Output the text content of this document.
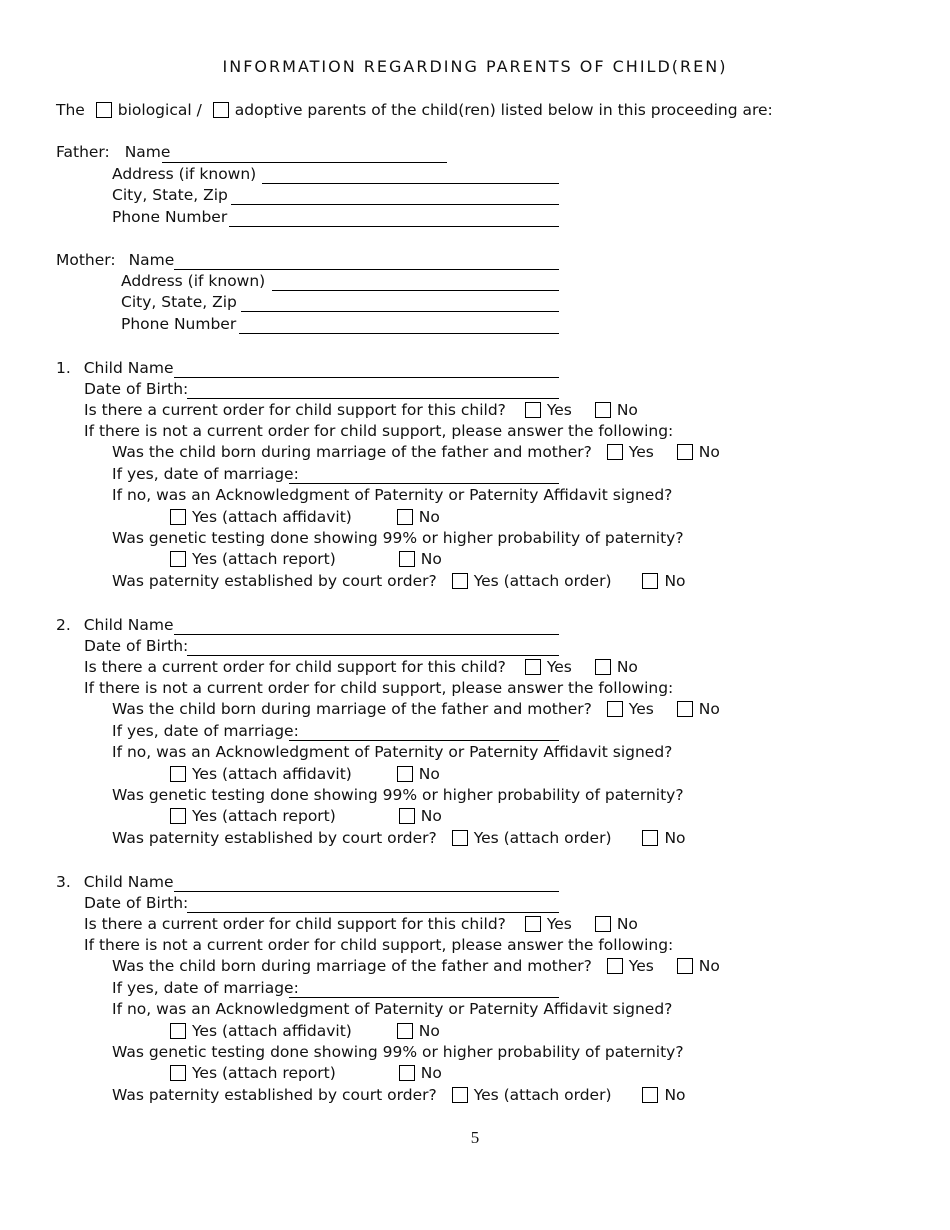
INFORMATION REGARDING PARENTS OF CHILD(REN)
The biological / adoptive parents of the child(ren) listed below in this proceeding are:
Father: Name
Address (if known)
City, State, Zip
Phone Number
Mother: Name
Address (if known)
City, State, Zip
Phone Number
1. Child Name
Date of Birth:
Is there a current order for child support for this child?	Yes	No
If there is not a current order for child support, please answer the following:
Was the child born during marriage of the father and mother? Yes	No
If yes, date of marriage:
If no, was an Acknowledgment of Paternity or Paternity Affidavit signed?
Yes (attach affidavit)	No
Was genetic testing done showing 99% or higher probability of paternity?
Yes (attach report)	No
Was paternity established by court order? Yes (attach order)	No
2. Child Name
Date of Birth:
Is there a current order for child support for this child?	Yes	No
If there is not a current order for child support, please answer the following:
Was the child born during marriage of the father and mother? Yes	No
If yes, date of marriage:
If no, was an Acknowledgment of Paternity or Paternity Affidavit signed?
Yes (attach affidavit)	No
Was genetic testing done showing 99% or higher probability of paternity?
Yes (attach report)	No
Was paternity established by court order? Yes (attach order)	No
3. Child Name
Date of Birth:
Is there a current order for child support for this child?	Yes	No
If there is not a current order for child support, please answer the following:
Was the child born during marriage of the father and mother? Yes	No
If yes, date of marriage:
If no, was an Acknowledgment of Paternity or Paternity Affidavit signed?
Yes (attach affidavit)	No
Was genetic testing done showing 99% or higher probability of paternity?
Yes (attach report)	No
Was paternity established by court order? Yes (attach order)	No
5
